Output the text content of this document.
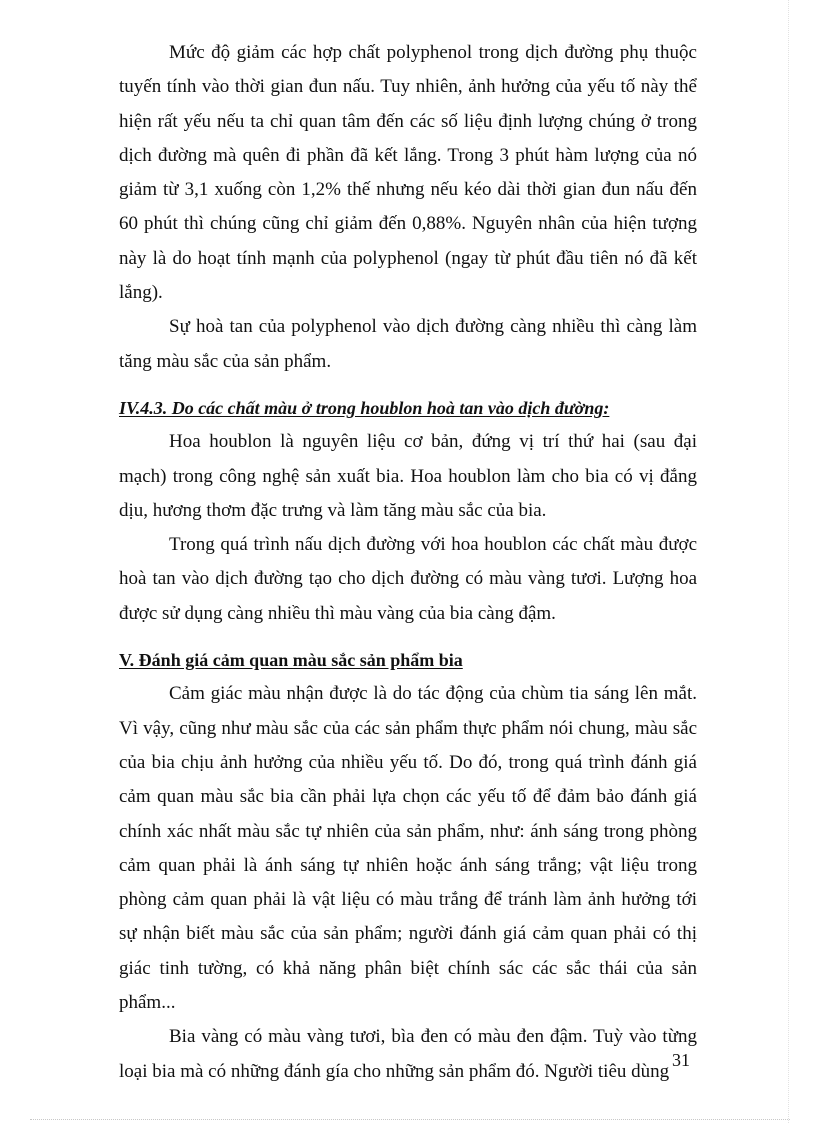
Mức độ giảm các hợp chất polyphenol trong dịch đường phụ thuộc tuyến tính vào thời gian đun nấu. Tuy nhiên, ảnh hưởng của yếu tố này thể hiện rất yếu nếu ta chỉ quan tâm đến các số liệu định lượng chúng ở trong dịch đường mà quên đi phần đã kết lắng. Trong 3 phút hàm lượng của nó giảm từ 3,1 xuống còn 1,2% thế nhưng nếu kéo dài thời gian đun nấu đến 60 phút thì chúng cũng chỉ giảm đến 0,88%. Nguyên nhân của hiện tượng này là do hoạt tính mạnh của polyphenol (ngay từ phút đầu tiên nó đã kết lắng).

Sự hoà tan của polyphenol vào dịch đường càng nhiều thì càng làm tăng màu sắc của sản phẩm.

IV.4.3. Do các chất màu ở trong houblon hoà tan vào dịch đường:

Hoa houblon là nguyên liệu cơ bản, đứng vị trí thứ hai (sau đại mạch) trong công nghệ sản xuất bia. Hoa houblon làm cho bia có vị đắng dịu, hương thơm đặc trưng và làm tăng màu sắc của bia.

Trong quá trình nấu dịch đường với hoa houblon các chất màu được hoà tan vào dịch đường tạo cho dịch đường có màu vàng tươi. Lượng hoa được sử dụng càng nhiều thì màu vàng của bia càng đậm.

V. Đánh giá cảm quan màu sắc sản phẩm bia

Cảm giác màu nhận được là do tác động của chùm tia sáng lên mắt. Vì vậy, cũng như màu sắc của các sản phẩm thực phẩm nói chung, màu sắc của bia chịu ảnh hưởng của nhiều yếu tố. Do đó, trong quá trình đánh giá cảm quan màu sắc bia cần phải lựa chọn các yếu tố để đảm bảo đánh giá chính xác nhất màu sắc tự nhiên của sản phẩm, như: ánh sáng trong phòng cảm quan phải là ánh sáng tự nhiên hoặc ánh sáng trắng; vật liệu trong phòng cảm quan phải là vật liệu có màu trắng để tránh làm ảnh hưởng tới sự nhận biết màu sắc của sản phẩm; người đánh giá cảm quan phải có thị giác tinh tường, có khả năng phân biệt chính sác các sắc thái của sản phẩm...

Bia vàng có màu vàng tươi, bìa đen có màu đen đậm. Tuỳ vào từng loại bia mà có những đánh gía cho những sản phẩm đó. Người tiêu dùng

31
